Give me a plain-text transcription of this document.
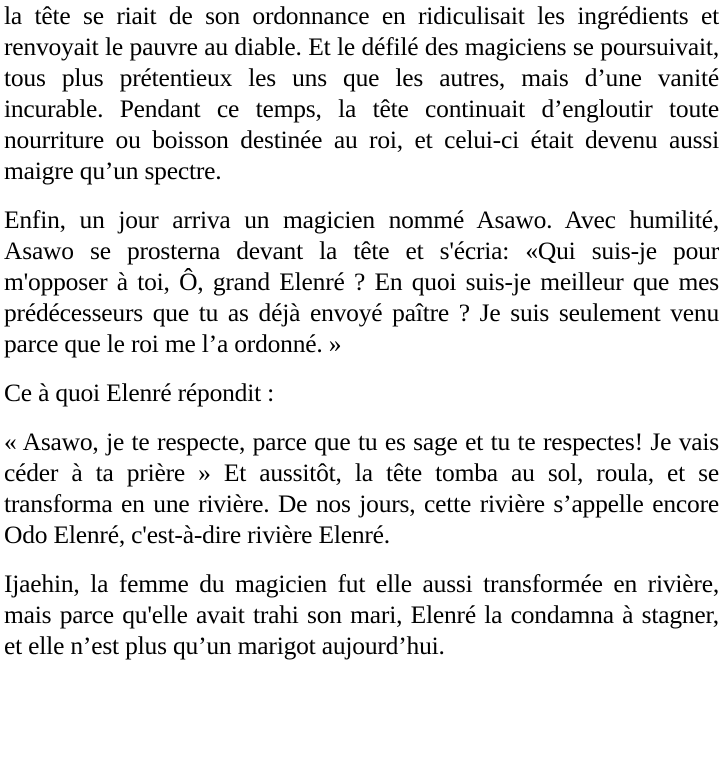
la tête se riait de son ordonnance en ridiculisait les ingrédients et renvoyait le pauvre au diable. Et le défilé des magiciens se poursuivait, tous plus prétentieux les uns que les autres, mais d’une vanité incurable. Pendant ce temps, la tête continuait d’engloutir toute nourriture ou boisson destinée au roi, et celui-ci était devenu aussi maigre qu’un spectre.

Enfin, un jour arriva un magicien nommé Asawo. Avec humilité, Asawo se prosterna devant la tête et s'écria: «Qui suis-je pour m'opposer à toi, Ô, grand Elenré ? En quoi suis-je meilleur que mes prédécesseurs que tu as déjà envoyé paître ? Je suis seulement venu parce que le roi me l’a ordonné. »

Ce à quoi Elenré répondit :

« Asawo, je te respecte, parce que tu es sage et tu te respectes! Je vais céder à ta prière » Et aussitôt, la tête tomba au sol, roula, et se transforma en une rivière. De nos jours, cette rivière s’appelle encore Odo Elenré, c'est-à-dire rivière Elenré.

Ijaehin, la femme du magicien fut elle aussi transformée en rivière, mais parce qu'elle avait trahi son mari, Elenré la condamna à stagner, et elle n’est plus qu’un marigot aujourd’hui.
